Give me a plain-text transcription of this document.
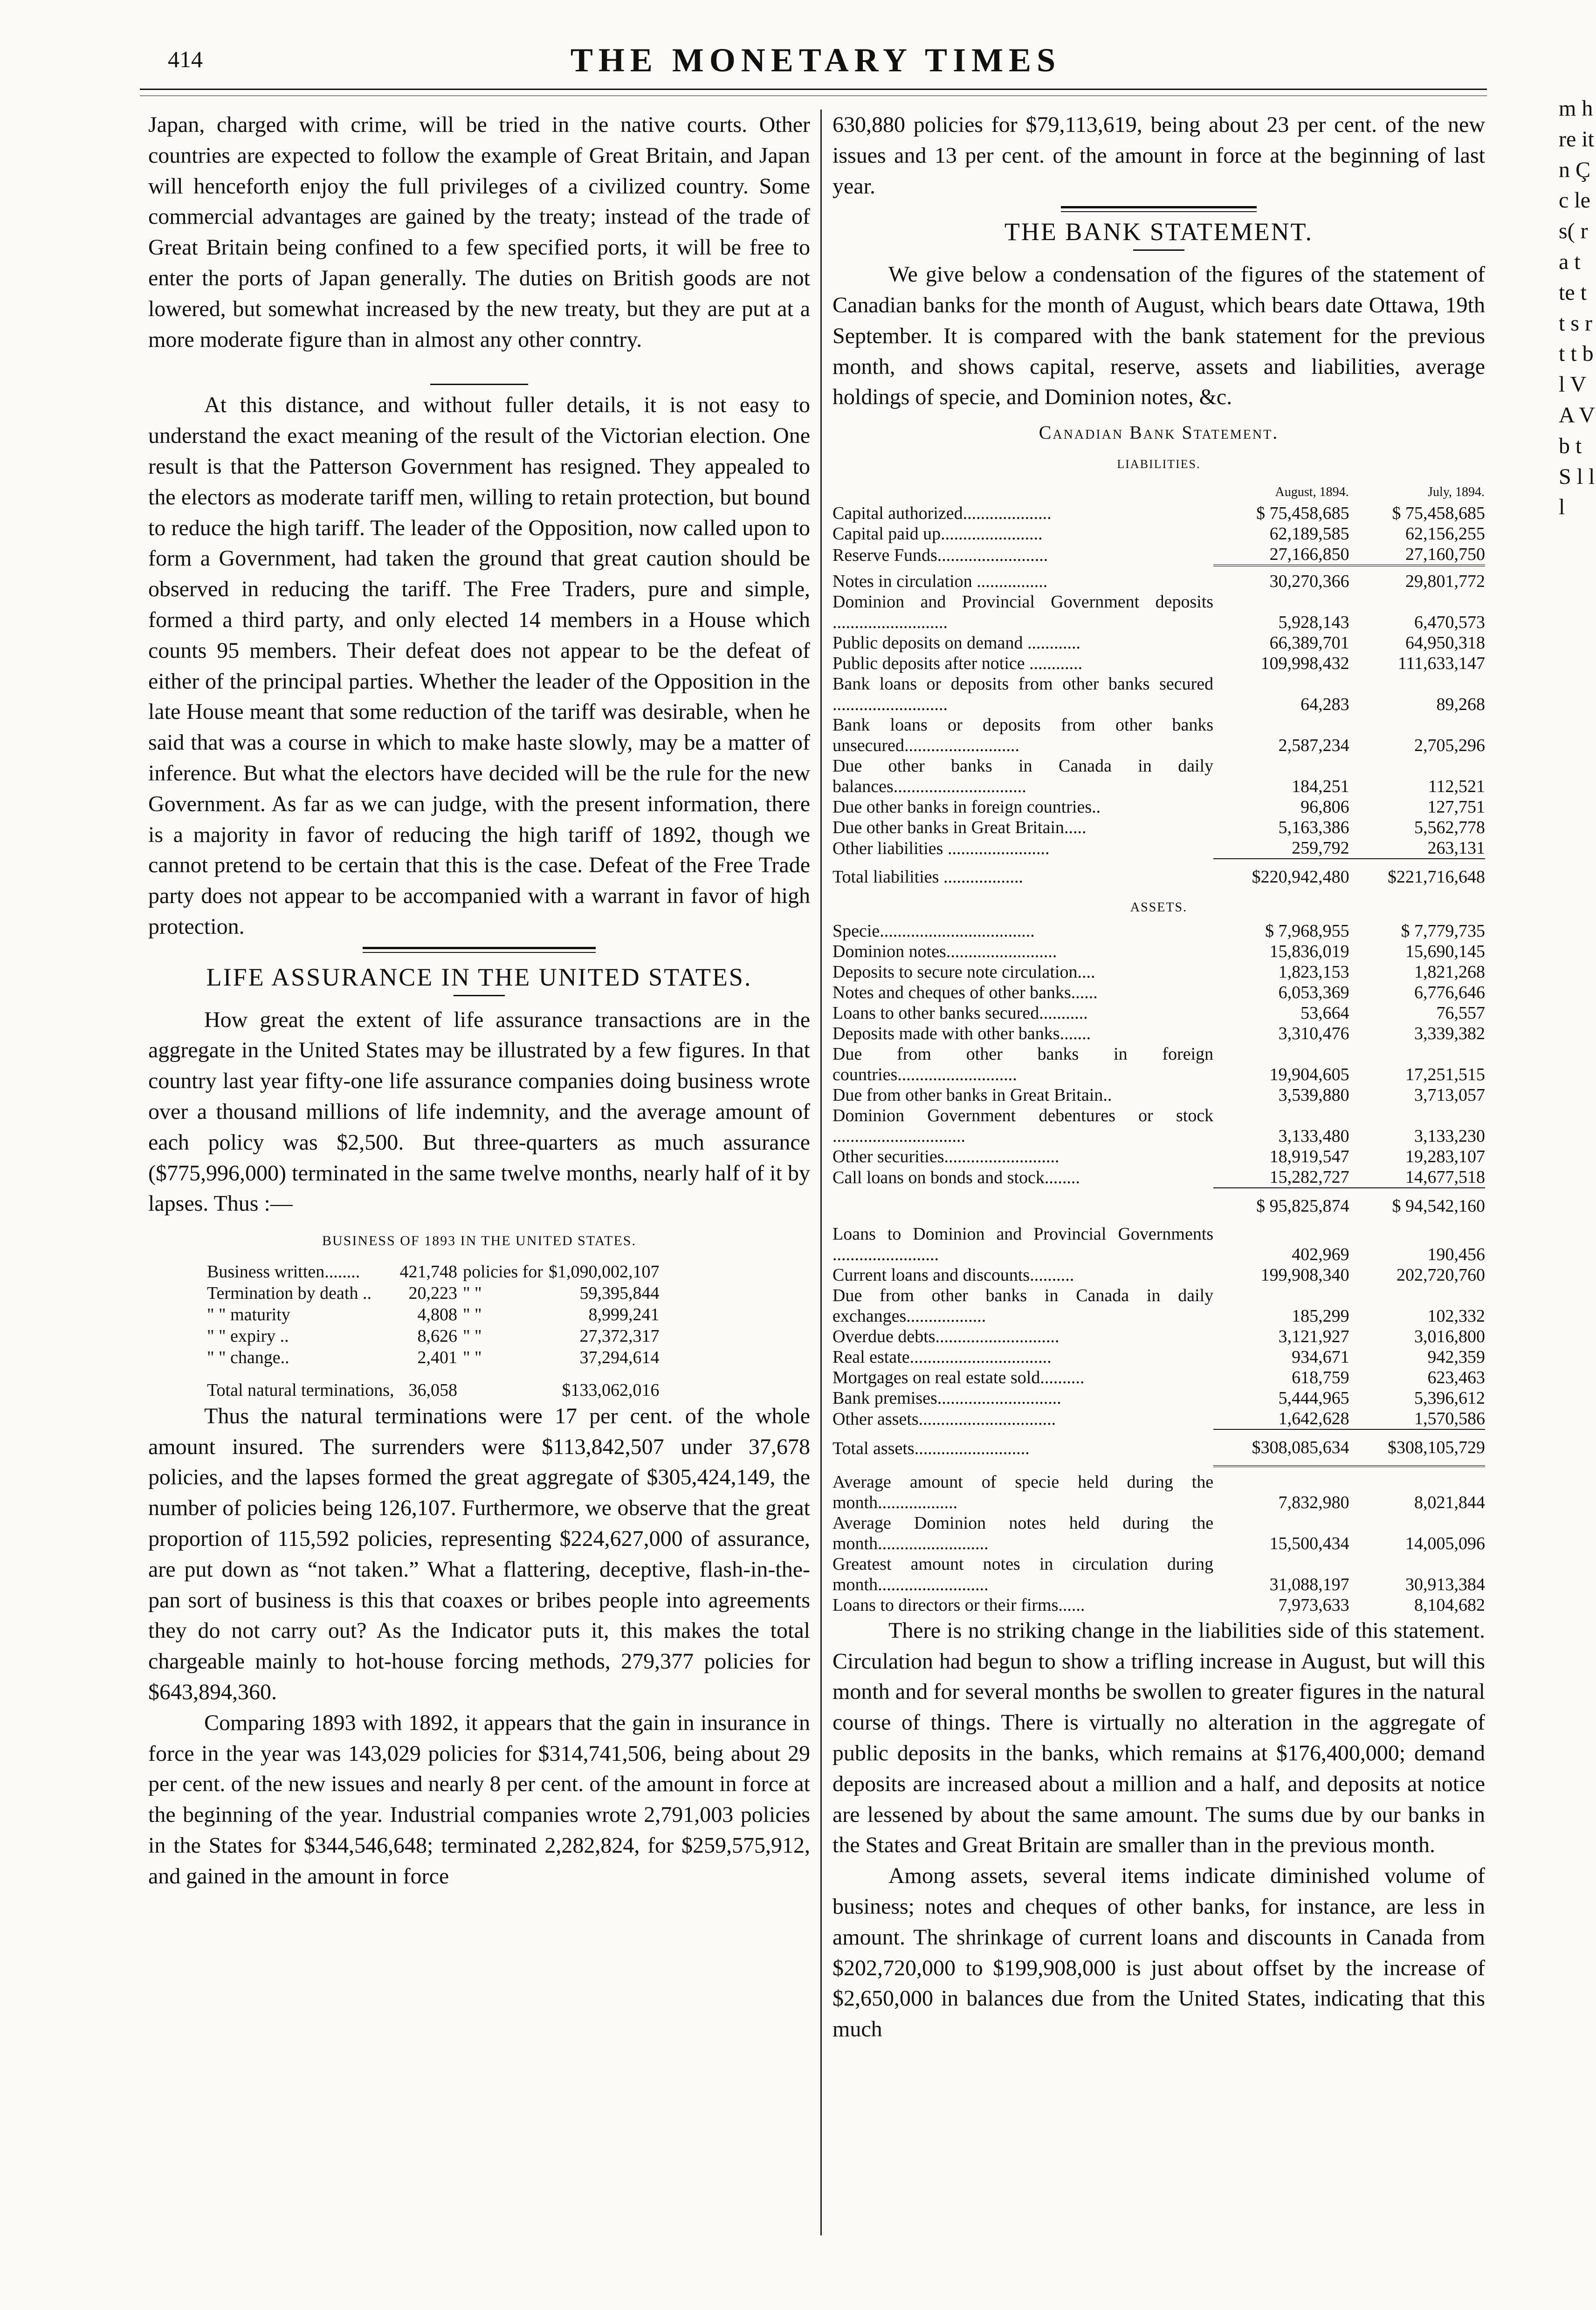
414	THE MONETARY TIMES

Japan, charged with crime, will be tried in the native courts. Other countries are expected to follow the example of Great Britain, and Japan will henceforth enjoy the full privileges of a civilized country. Some commercial advantages are gained by the treaty; instead of the trade of Great Britain being confined to a few specified ports, it will be free to enter the ports of Japan generally. The duties on British goods are not lowered, but somewhat increased by the new treaty, but they are put at a more moderate figure than in almost any other conntry.

At this distance, and without fuller details, it is not easy to understand the exact meaning of the result of the Victorian election. One result is that the Patterson Government has resigned. They appealed to the electors as moderate tariff men, willing to retain protection, but bound to reduce the high tariff. The leader of the Opposition, now called upon to form a Government, had taken the ground that great caution should be observed in reducing the tariff. The Free Traders, pure and simple, formed a third party, and only elected 14 members in a House which counts 95 members. Their defeat does not appear to be the defeat of either of the principal parties. Whether the leader of the Opposition in the late House meant that some reduction of the tariff was desirable, when he said that was a course in which to make haste slowly, may be a matter of inference. But what the electors have decided will be the rule for the new Government. As far as we can judge, with the present information, there is a majority in favor of reducing the high tariff of 1892, though we cannot pretend to be certain that this is the case. Defeat of the Free Trade party does not appear to be accompanied with a warrant in favor of high protection.

LIFE ASSURANCE IN THE UNITED STATES.

How great the extent of life assurance transactions are in the aggregate in the United States may be illustrated by a few figures. In that country last year fifty-one life assurance companies doing business wrote over a thousand millions of life indemnity, and the average amount of each policy was $2,500. But three-quarters as much assurance ($775,996,000) terminated in the same twelve months, nearly half of it by lapses. Thus :—

BUSINESS OF 1893 IN THE UNITED STATES.
Business written........	421,748	policies for	$1,090,002,107
Termination by death ..	20,223	" "	59,395,844
" " maturity	4,808	" "	8,999,241
" " expiry ..	8,626	" "	27,372,317
" " change..	2,401	" "	37,294,614
Total natural terminations,	36,058		$133,062,016

Thus the natural terminations were 17 per cent. of the whole amount insured. The surrenders were $113,842,507 under 37,678 policies, and the lapses formed the great aggregate of $305,424,149, the number of policies being 126,107. Furthermore, we observe that the great proportion of 115,592 policies, representing $224,627,000 of assurance, are put down as “not taken.” What a flattering, deceptive, flash-in-the-pan sort of business is this that coaxes or bribes people into agreements they do not carry out? As the Indicator puts it, this makes the total chargeable mainly to hot-house forcing methods, 279,377 policies for $643,894,360.

Comparing 1893 with 1892, it appears that the gain in insurance in force in the year was 143,029 policies for $314,741,506, being about 29 per cent. of the new issues and nearly 8 per cent. of the amount in force at the beginning of the year. Industrial companies wrote 2,791,003 policies in the States for $344,546,648; terminated 2,282,824, for $259,575,912, and gained in the amount in force

630,880 policies for $79,113,619, being about 23 per cent. of the new issues and 13 per cent. of the amount in force at the beginning of last year.

THE BANK STATEMENT.

We give below a condensation of the figures of the statement of Canadian banks for the month of August, which bears date Ottawa, 19th September. It is compared with the bank statement for the previous month, and shows capital, reserve, assets and liabilities, average holdings of specie, and Dominion notes, &c.

Canadian Bank Statement.
LIABILITIES.
	August, 1894.	July, 1894.
Capital authorized....................	$ 75,458,685	$ 75,458,685
Capital paid up.......................	62,189,585	62,156,255
Reserve Funds.........................	27,166,850	27,160,750

Notes in circulation ................	30,270,366	29,801,772
Dominion and Provincial Government deposits ..........................	5,928,143	6,470,573
Public deposits on demand ............	66,389,701	64,950,318
Public deposits after notice ............	109,998,432	111,633,147
Bank loans or deposits from other banks secured ..........................	64,283	89,268
Bank loans or deposits from other banks unsecured..........................	2,587,234	2,705,296
Due other banks in Canada in daily balances..............................	184,251	112,521
Due other banks in foreign countries..	96,806	127,751
Due other banks in Great Britain.....	5,163,386	5,562,778
Other liabilities .......................	259,792	263,131
Total liabilities ..................	$220,942,480	$221,716,648
ASSETS.		
Specie...................................	$ 7,968,955	$ 7,779,735
Dominion notes.........................	15,836,019	15,690,145
Deposits to secure note circulation....	1,823,153	1,821,268
Notes and cheques of other banks......	6,053,369	6,776,646
Loans to other banks secured...........	53,664	76,557
Deposits made with other banks.......	3,310,476	3,339,382
Due from other banks in foreign countries...........................	19,904,605	17,251,515
Due from other banks in Great Britain..	3,539,880	3,713,057
Dominion Government debentures or stock ..............................	3,133,480	3,133,230
Other securities..........................	18,919,547	19,283,107
Call loans on bonds and stock........	15,282,727	14,677,518
	$ 95,825,874	$ 94,542,160
Loans to Dominion and Provincial Governments ........................	402,969	190,456
Current loans and discounts..........	199,908,340	202,720,760
Due from other banks in Canada in daily exchanges..................	185,299	102,332
Overdue debts............................	3,121,927	3,016,800
Real estate................................	934,671	942,359
Mortgages on real estate sold..........	618,759	623,463
Bank premises............................	5,444,965	5,396,612
Other assets...............................	1,642,628	1,570,586
Total assets..........................	$308,085,634	$308,105,729

Average amount of specie held during the month..................	7,832,980	8,021,844
Average Dominion notes held during the month.........................	15,500,434	14,005,096
Greatest amount notes in circulation during month.........................	31,088,197	30,913,384
Loans to directors or their firms......	7,973,633	8,104,682

There is no striking change in the liabilities side of this statement. Circulation had begun to show a trifling increase in August, but will this month and for several months be swollen to greater figures in the natural course of things. There is virtually no alteration in the aggregate of public deposits in the banks, which remains at $176,400,000; demand deposits are increased about a million and a half, and deposits at notice are lessened by about the same amount. The sums due by our banks in the States and Great Britain are smaller than in the previous month.

Among assets, several items indicate diminished volume of business; notes and cheques of other banks, for instance, are less in amount. The shrinkage of current loans and discounts in Canada from $202,720,000 to $199,908,000 is just about offset by the increase of $2,650,000 in balances due from the United States, indicating that this much

m h re it n Ç c le s( r a t te t t s r t t b l V A V b t S l l l
